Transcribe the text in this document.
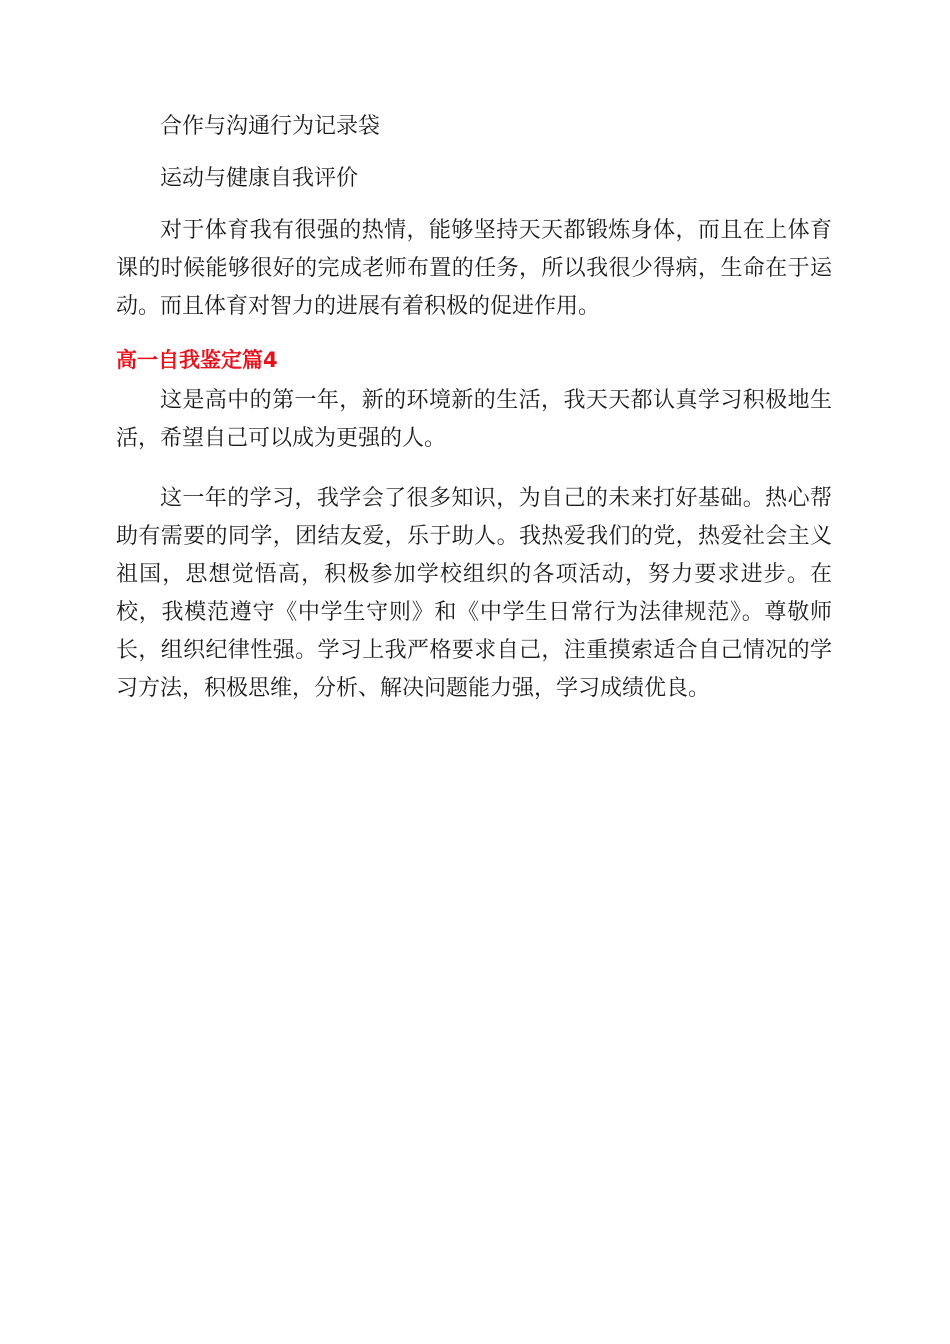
合作与沟通行为记录袋

运动与健康自我评价

对于体育我有很强的热情，能够坚持天天都锻炼身体，而且在上体育课的时候能够很好的完成老师布置的任务，所以我很少得病，生命在于运动。而且体育对智力的进展有着积极的促进作用。

高一自我鉴定篇4

这是高中的第一年，新的环境新的生活，我天天都认真学习积极地生活，希望自己可以成为更强的人。

这一年的学习，我学会了很多知识，为自己的未来打好基础。热心帮助有需要的同学，团结友爱，乐于助人。我热爱我们的党，热爱社会主义祖国，思想觉悟高，积极参加学校组织的各项活动，努力要求进步。在校，我模范遵守《中学生守则》和《中学生日常行为法律规范》。尊敬师长，组织纪律性强。学习上我严格要求自己，注重摸索适合自己情况的学习方法，积极思维，分析、解决问题能力强，学习成绩优良。
